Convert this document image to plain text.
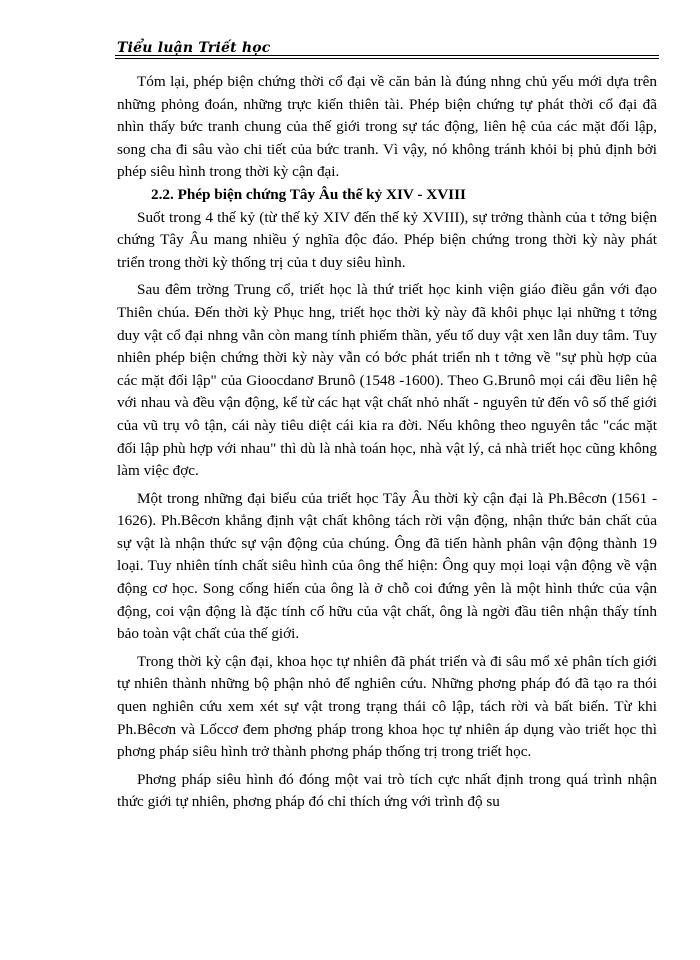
Tiểu luận Triết học

Tóm lại, phép biện chứng thời cổ đại về căn bản là đúng nhng chủ yếu mới dựa trên những phỏng đoán, những trực kiến thiên tài. Phép biện chứng tự phát thời cổ đại đã nhìn thấy bức tranh chung của thế giới trong sự tác động, liên hệ của các mặt đối lập, song cha đi sâu vào chi tiết của bức tranh. Vì vậy, nó không tránh khỏi bị phủ định bởi phép siêu hình trong thời kỳ cận đại.

2.2. Phép biện chứng Tây Âu thế kỷ XIV - XVIII

Suốt trong 4 thế kỷ (từ thế kỷ XIV đến thế kỷ XVIII), sự trởng thành của t tởng biện chứng Tây Âu mang nhiều ý nghĩa độc đáo. Phép biện chứng trong thời kỳ này phát triển trong thời kỳ thống trị của t duy siêu hình.

Sau đêm trờng Trung cổ, triết học là thứ triết học kinh viện giáo điều gắn với đạo Thiên chúa. Đến thời kỳ Phục hng, triết học thời kỳ này đã khôi phục lại những t tởng duy vật cổ đại nhng vẫn còn mang tính phiếm thần, yếu tố duy vật xen lẫn duy tâm. Tuy nhiên phép biện chứng thời kỳ này vẫn có bớc phát triển nh t tởng về "sự phù hợp của các mặt đối lập" của Gioocdanơ Brunô (1548 -1600). Theo G.Brunô mọi cái đều liên hệ với nhau và đều vận động, kể từ các hạt vật chất nhỏ nhất - nguyên tử đến vô số thế giới của vũ trụ vô tận, cái này tiêu diệt cái kia ra đời. Nếu không theo nguyên tắc "các mặt đối lập phù hợp với nhau" thì dù là nhà toán học, nhà vật lý, cả nhà triết học cũng không làm việc đợc.

Một trong những đại biểu của triết học Tây Âu thời kỳ cận đại là Ph.Bêcơn (1561 - 1626). Ph.Bêcơn khẳng định vật chất không tách rời vận động, nhận thức bản chất của sự vật là nhận thức sự vận động của chúng. Ông đã tiến hành phân vận động thành 19 loại. Tuy nhiên tính chất siêu hình của ông thể hiện: Ông quy mọi loại vận động về vận động cơ học. Song cống hiến của ông là ở chỗ coi đứng yên là một hình thức của vận động, coi vận động là đặc tính cố hữu của vật chất, ông là ngời đầu tiên nhận thấy tính bảo toàn vật chất của thế giới.

Trong thời kỳ cận đại, khoa học tự nhiên đã phát triển và đi sâu mổ xẻ phân tích giới tự nhiên thành những bộ phận nhỏ để nghiên cứu. Những phơng pháp đó đã tạo ra thói quen nghiên cứu xem xét sự vật trong trạng thái cô lập, tách rời và bất biến. Từ khi Ph.Bêcơn và Lốccơ đem phơng pháp trong khoa học tự nhiên áp dụng vào triết học thì phơng pháp siêu hình trở thành phơng pháp thống trị trong triết học.

Phơng pháp siêu hình đó đóng một vai trò tích cực nhất định trong quá trình nhận thức giới tự nhiên, phơng pháp đó chỉ thích ứng với trình độ su
